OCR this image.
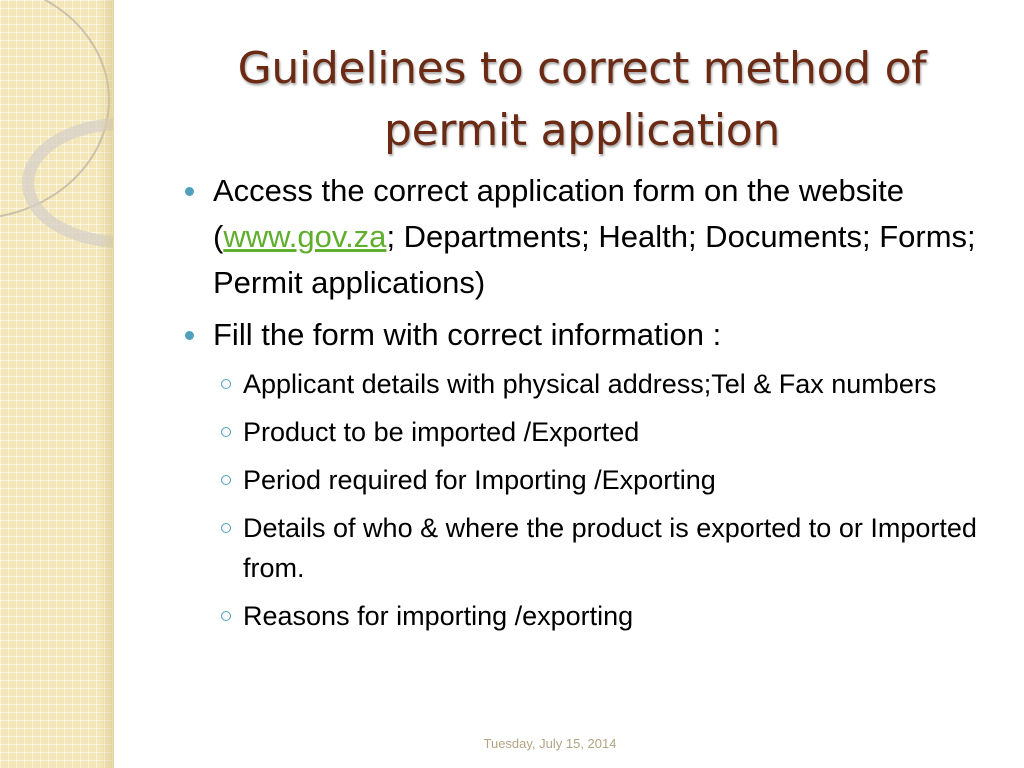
Guidelines to correct method of
permit application
Access the correct application form on the website (www.gov.za; Departments; Health; Documents; Forms; Permit applications)
Fill the form with correct information :
Applicant details with physical address;Tel & Fax numbers
Product to be imported /Exported
Period required for Importing /Exporting
Details of who & where the product is exported to or Imported from.
Reasons for importing /exporting
Tuesday, July 15, 2014
